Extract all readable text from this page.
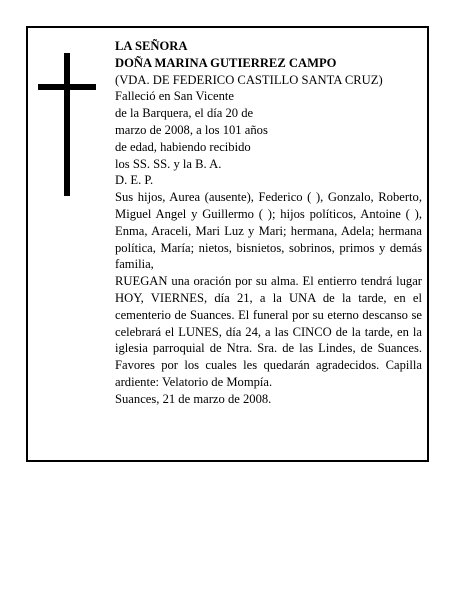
LA SEÑORA
DOÑA MARINA GUTIERREZ CAMPO
(VDA. DE FEDERICO CASTILLO SANTA CRUZ)
Falleció en San Vicente
de la Barquera, el día 20 de
marzo de 2008, a los 101 años
de edad, habiendo recibido
los SS. SS. y la B. A.
D. E. P.
Sus hijos, Aurea (ausente), Federico ( ), Gonzalo, Roberto, Miguel Angel y Guillermo ( ); hijos políticos, Antoine ( ), Enma, Araceli, Mari Luz y Mari; hermana, Adela; hermana política, María; nietos, bisnietos, sobrinos, primos y demás familia,
RUEGAN una oración por su alma. El entierro tendrá lugar HOY, VIERNES, día 21, a la UNA de la tarde, en el cementerio de Suances. El funeral por su eterno descanso se celebrará el LUNES, día 24, a las CINCO de la tarde, en la iglesia parroquial de Ntra. Sra. de las Lindes, de Suances. Favores por los cuales les quedarán agradecidos. Capilla ardiente: Velatorio de Mompía.
Suances, 21 de marzo de 2008.
